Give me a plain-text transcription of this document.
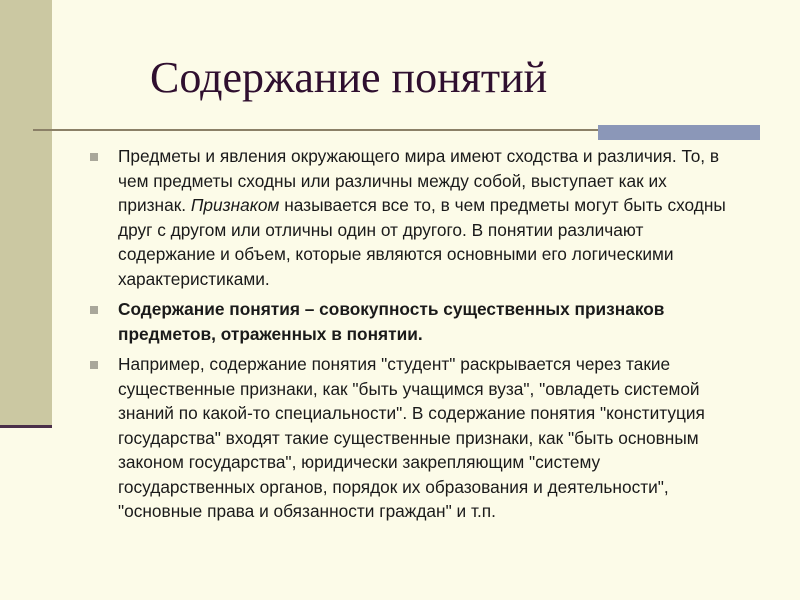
Содержание понятий
Предметы и явления окружающего мира имеют сходства и различия. То, в чем предметы сходны или различны между собой, выступает как их признак. Признаком называется все то, в чем предметы могут быть сходны друг с другом или отличны один от другого. В понятии различают содержание и объем, которые являются основными его логическими характеристиками.
Содержание понятия – совокупность существенных признаков предметов, отраженных в понятии.
Например, содержание понятия "студент" раскрывается через такие существенные признаки, как "быть учащимся вуза", "овладеть системой знаний по какой-то специальности". В содержание понятия "конституция государства" входят такие существенные признаки, как "быть основным законом государства", юридически закрепляющим "систему государственных органов, порядок их образования и деятельности", "основные права и обязанности граждан" и т.п.
